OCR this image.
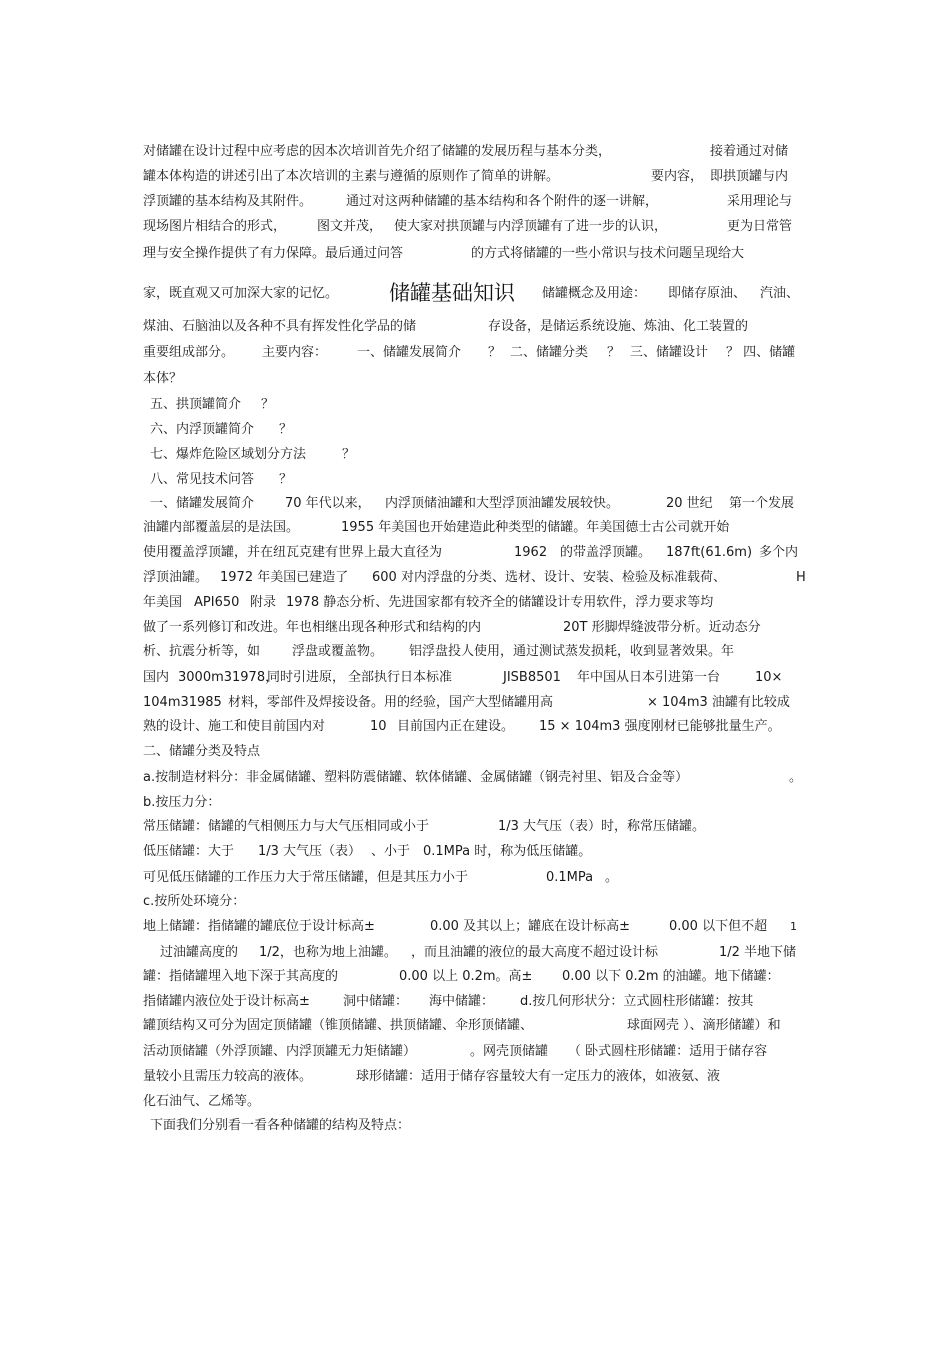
对储罐在设计过程中应考虑的因本次培训首先介绍了储罐的发展历程与基本分类，	接着通过对储
罐本体构造的讲述引出了本次培训的主素与遵循的原则作了简单的讲解。	要内容， 即拱顶罐与内
浮顶罐的基本结构及其附件。	通过对这两种储罐的基本结构和各个附件的逐一讲解，	采用理论与
现场图片相结合的形式， 图文并茂， 使大家对拱顶罐与内浮顶罐有了进一步的认识，	更为日常管
理与安全操作提供了有力保障。最后通过问答	的方式将储罐的一些小常识与技术问题呈现给大
家，既直观又可加深大家的记忆。 储罐基础知识 储罐概念及用途： 即储存原油、 汽油、
煤油、石脑油以及各种不具有挥发性化学品的储	存设备，是储运系统设施、炼油、化工装置的
重要组成部分。 主要内容： 一、储罐发展简介 ？ 二、储罐分类 ？ 三、储罐设计 ？ 四、储罐
本体？
五、拱顶罐简介 ？
六、内浮顶罐简介 ？
七、爆炸危险区域划分方法	？
八、常见技术问答 ？
一、储罐发展简介 70 年代以来， 内浮顶储油罐和大型浮顶油罐发展较快。	20 世纪 第一个发展
油罐内部覆盖层的是法国。	1955 年美国也开始建造此种类型的储罐。年美国德士古公司就开始
使用覆盖浮顶罐，并在纽瓦克建有世界上最大直径为	1962 的带盖浮顶罐。 187ft(61.6m) 多个内
浮顶油罐。 1972 年美国已建造了 600 对内浮盘的分类、选材、设计、安装、检验及标准载荷、	H
年美国 API650 附录 1978 静态分析、先进国家都有较齐全的储罐设计专用软件，浮力要求等均
做了一系列修订和改进。年也相继出现各种形式和结构的内	20T 形脚焊缝波带分析。近动态分
析、抗震分析等，如 浮盘或覆盖物。 铝浮盘投人使用，通过测试蒸发损耗，收到显著效果。年
国内 3000m31978，
同时引进原， 全部执行日本标准	JISB8501 年中国从日本引进第一台	10×
104m31985 材料，零部件及焊接设备。用的经验，国产大型储罐用高	× 104m3 油罐有比较成
熟的设计、施工和使目前国内对	10 目前国内正在建设。 15 × 104m3 强度刚材已能够批量生产。
二、储罐分类及特点
a.按制造材料分：非金属储罐、塑料防震储罐、软体储罐、金属储罐（钢壳衬里、铝及合金等）	。
b.按压力分：
常压储罐：储罐的气相侧压力与大气压相同或小于	1/3 大气压（表）时，称常压储罐。
低压储罐：大于 1/3 大气压（表） 、小于 0.1MPa 时，称为低压储罐。
可见低压储罐的工作压力大于常压储罐，但是其压力小于	0.1MPa 。
c.按所处环境分：
地上储罐：指储罐的罐底位于设计标高±	0.00 及其以上；罐底在设计标高±	0.00 以下但不超 1
过油罐高度的 1/2，也称为地上油罐。 ，而且油罐的液位的最大高度不超过设计标	1/2 半地下储
罐：指储罐埋入地下深于其高度的	0.00 以上 0.2m。高± 0.00 以下 0.2m 的油罐。地下储罐：
指储罐内液位处于设计标高±	洞中储罐： 海中储罐： d.按几何形状分：立式圆柱形储罐：按其
罐顶结构又可分为固定顶储罐（锥顶储罐、拱顶储罐、伞形顶储罐、	球面网壳 ）、滴形储罐）和
活动顶储罐（外浮顶罐、内浮顶罐无力矩储罐）	。网壳顶储罐 （ 卧式圆柱形储罐：适用于储存容
量较小且需压力较高的液体。	球形储罐：适用于储存容量较大有一定压力的液体，如液氨、液
化石油气、乙烯等。
下面我们分别看一看各种储罐的结构及特点：
